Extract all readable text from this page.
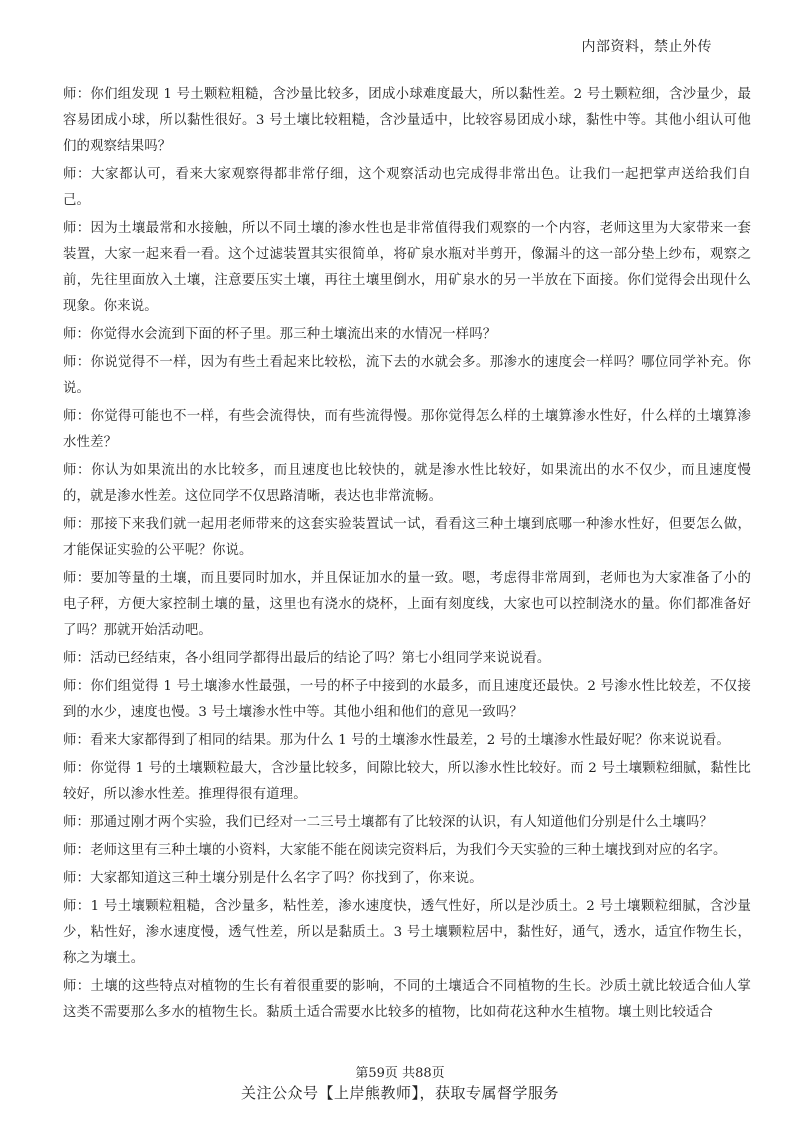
内部资料，禁止外传

师：你们组发现 1 号土颗粒粗糙，含沙量比较多，团成小球难度最大，所以黏性差。2 号土颗粒细，含沙量少，最容易团成小球，所以黏性很好。3 号土壤比较粗糙，含沙量适中，比较容易团成小球，黏性中等。其他小组认可他们的观察结果吗？

师：大家都认可，看来大家观察得都非常仔细，这个观察活动也完成得非常出色。让我们一起把掌声送给我们自己。

师：因为土壤最常和水接触，所以不同土壤的渗水性也是非常值得我们观察的一个内容，老师这里为大家带来一套装置，大家一起来看一看。这个过滤装置其实很简单，将矿泉水瓶对半剪开，像漏斗的这一部分垫上纱布，观察之前，先往里面放入土壤，注意要压实土壤，再往土壤里倒水，用矿泉水的另一半放在下面接。你们觉得会出现什么现象。你来说。

师：你觉得水会流到下面的杯子里。那三种土壤流出来的水情况一样吗？

师：你说觉得不一样，因为有些土看起来比较松，流下去的水就会多。那渗水的速度会一样吗？哪位同学补充。你说。

师：你觉得可能也不一样，有些会流得快，而有些流得慢。那你觉得怎么样的土壤算渗水性好，什么样的土壤算渗水性差？

师：你认为如果流出的水比较多，而且速度也比较快的，就是渗水性比较好，如果流出的水不仅少，而且速度慢的，就是渗水性差。这位同学不仅思路清晰，表达也非常流畅。

师：那接下来我们就一起用老师带来的这套实验装置试一试，看看这三种土壤到底哪一种渗水性好，但要怎么做，才能保证实验的公平呢？你说。

师：要加等量的土壤，而且要同时加水，并且保证加水的量一致。嗯，考虑得非常周到，老师也为大家准备了小的电子秤，方便大家控制土壤的量，这里也有浇水的烧杯，上面有刻度线，大家也可以控制浇水的量。你们都准备好了吗？那就开始活动吧。

师：活动已经结束，各小组同学都得出最后的结论了吗？第七小组同学来说说看。

师：你们组觉得 1 号土壤渗水性最强，一号的杯子中接到的水最多，而且速度还最快。2 号渗水性比较差，不仅接到的水少，速度也慢。3 号土壤渗水性中等。其他小组和他们的意见一致吗？

师：看来大家都得到了相同的结果。那为什么 1 号的土壤渗水性最差，2 号的土壤渗水性最好呢？你来说说看。

师：你觉得 1 号的土壤颗粒最大，含沙量比较多，间隙比较大，所以渗水性比较好。而 2 号土壤颗粒细腻，黏性比较好，所以渗水性差。推理得很有道理。

师：那通过刚才两个实验，我们已经对一二三号土壤都有了比较深的认识，有人知道他们分别是什么土壤吗？

师：老师这里有三种土壤的小资料，大家能不能在阅读完资料后，为我们今天实验的三种土壤找到对应的名字。

师：大家都知道这三种土壤分别是什么名字了吗？你找到了，你来说。

师：1 号土壤颗粒粗糙，含沙量多，粘性差，渗水速度快，透气性好，所以是沙质土。2 号土壤颗粒细腻，含沙量少，粘性好，渗水速度慢，透气性差，所以是黏质土。3 号土壤颗粒居中，黏性好，通气，透水，适宜作物生长，称之为壤土。

师：土壤的这些特点对植物的生长有着很重要的影响，不同的土壤适合不同植物的生长。沙质土就比较适合仙人掌这类不需要那么多水的植物生长。黏质土适合需要水比较多的植物，比如荷花这种水生植物。壤土则比较适合

第59页 共88页
关注公众号【上岸熊教师】，获取专属督学服务
